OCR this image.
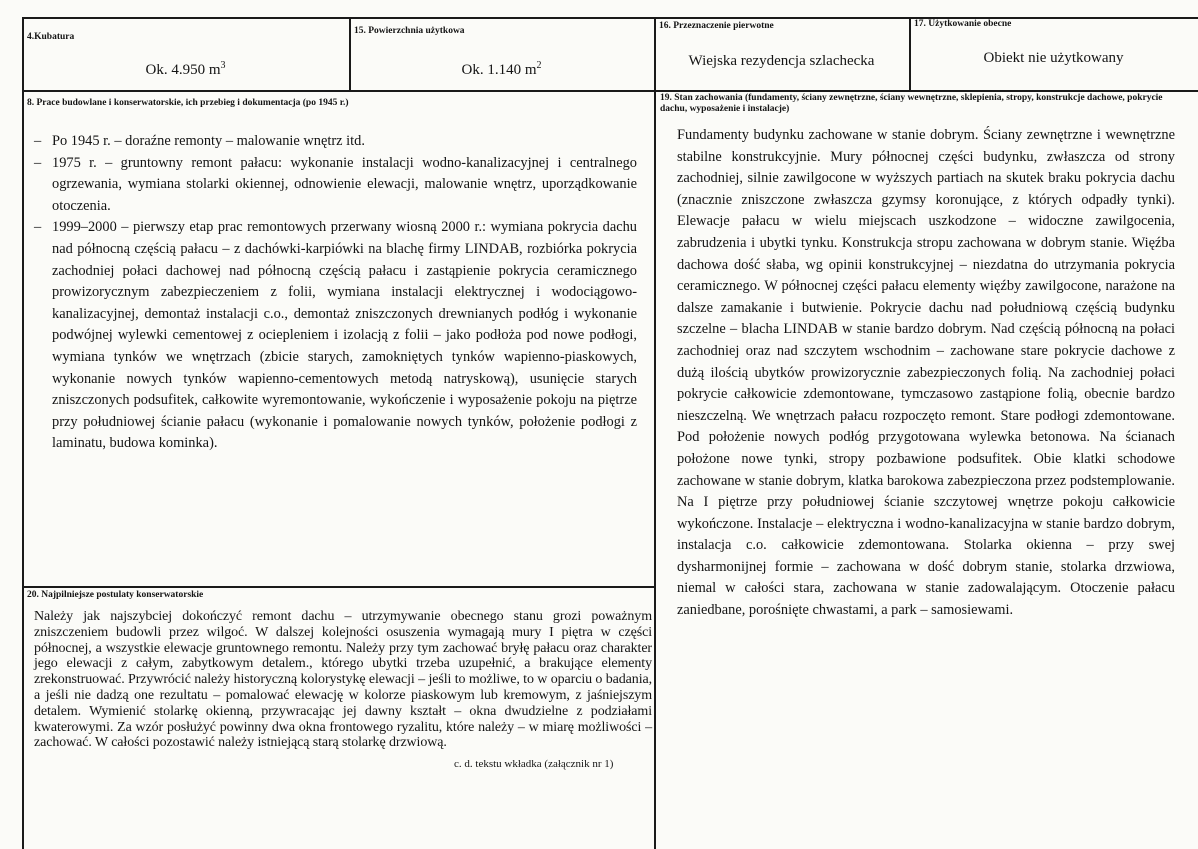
4.Kubatura
Ok. 4.950 $m^3$
15. Powierzchnia użytkowa
Ok. 1.140 $m^2$
16. Przeznaczenie pierwotne
Wiejska rezydencja szlachecka
17. Użytkowanie obecne
Obiekt nie użytkowany
8. Prace budowlane i konserwatorskie, ich przebieg i dokumentacja (po 1945 r.)
– Po 1945 r. – doraźne remonty – malowanie wnętrz itd.
– 1975 r. – gruntowny remont pałacu: wykonanie instalacji wodno-kanalizacyjnej i centralnego ogrzewania, wymiana stolarki okiennej, odnowienie elewacji, malowanie wnętrz, uporządkowanie otoczenia.
– 1999–2000 – pierwszy etap prac remontowych przerwany wiosną 2000 r.: wymiana pokrycia dachu nad północną częścią pałacu – z dachówki-karpiówki na blachę firmy LINDAB, rozbiórka pokrycia zachodniej połaci dachowej nad północną częścią pałacu i zastąpienie pokrycia ceramicznego prowizorycznym zabezpieczeniem z folii, wymiana instalacji elektrycznej i wodociągowo-kanalizacyjnej, demontaż instalacji c.o., demontaż zniszczonych drewnianych podłóg i wykonanie podwójnej wylewki cementowej z ociepleniem i izolacją z folii – jako podłoża pod nowe podłogi, wymiana tynków we wnętrzach (zbicie starych, zamokniętych tynków wapienno-piaskowych, wykonanie nowych tynków wapienno-cementowych metodą natryskową), usunięcie starych zniszczonych podsufitek, całkowite wyremontowanie, wykończenie i wyposażenie pokoju na piętrze przy południowej ścianie pałacu (wykonanie i pomalowanie nowych tynków, położenie podłogi z laminatu, budowa kominka).
19. Stan zachowania (fundamenty, ściany zewnętrzne, ściany wewnętrzne, sklepienia, stropy, konstrukcje dachowe, pokrycie dachu, wyposażenie i instalacje)

Fundamenty budynku zachowane w stanie dobrym. Ściany zewnętrzne i wewnętrzne stabilne konstrukcyjnie. Mury północnej części budynku, zwłaszcza od strony zachodniej, silnie zawilgocone w wyższych partiach na skutek braku pokrycia dachu (znacznie zniszczone zwłaszcza gzymsy koronujące, z których odpadły tynki). Elewacje pałacu w wielu miejscach uszkodzone – widoczne zawilgocenia, zabrudzenia i ubytki tynku. Konstrukcja stropu zachowana w dobrym stanie. Więźba dachowa dość słaba, wg opinii konstrukcyjnej – niezdatna do utrzymania pokrycia ceramicznego. W północnej części pałacu elementy więźby zawilgocone, narażone na dalsze zamakanie i butwienie. Pokrycie dachu nad południową częścią budynku szczelne – blacha LINDAB w stanie bardzo dobrym. Nad częścią północną na połaci zachodniej oraz nad szczytem wschodnim – zachowane stare pokrycie dachowe z dużą ilością ubytków prowizorycznie zabezpieczonych folią. Na zachodniej połaci pokrycie całkowicie zdemontowane, tymczasowo zastąpione folią, obecnie bardzo nieszczelną. We wnętrzach pałacu rozpoczęto remont. Stare podłogi zdemontowane. Pod położenie nowych podłóg przygotowana wylewka betonowa. Na ścianach położone nowe tynki, stropy pozbawione podsufitek. Obie klatki schodowe zachowane w stanie dobrym, klatka barokowa zabezpieczona przez podstemplowanie. Na I piętrze przy południowej ścianie szczytowej wnętrze pokoju całkowicie wykończone. Instalacje – elektryczna i wodno-kanalizacyjna w stanie bardzo dobrym, instalacja c.o. całkowicie zdemontowana. Stolarka okienna – przy swej dysharmonijnej formie – zachowana w dość dobrym stanie, stolarka drzwiowa, niemal w całości stara, zachowana w stanie zadowalającym. Otoczenie pałacu zaniedbane, porośnięte chwastami, a park – samosiewami.

20. Najpilniejsze postulaty konserwatorskie

Należy jak najszybciej dokończyć remont dachu – utrzymywanie obecnego stanu grozi poważnym zniszczeniem budowli przez wilgoć. W dalszej kolejności osuszenia wymagają mury I piętra w części północnej, a wszystkie elewacje gruntownego remontu. Należy przy tym zachować bryłę pałacu oraz charakter jego elewacji z całym, zabytkowym detalem., którego ubytki trzeba uzupełnić, a brakujące elementy zrekonstruować. Przywrócić należy historyczną kolorystykę elewacji – jeśli to możliwe, to w oparciu o badania, a jeśli nie dadzą one rezultatu – pomalować elewację w kolorze piaskowym lub kremowym, z jaśniejszym detalem. Wymienić stolarkę okienną, przywracając jej dawny kształt – okna dwudzielne z podziałami kwaterowymi. Za wzór posłużyć powinny dwa okna frontowego ryzalitu, które należy – w miarę możliwości – zachować. W całości pozostawić należy istniejącą starą stolarkę drzwiową.

c. d. tekstu wkładka (załącznik nr 1)
